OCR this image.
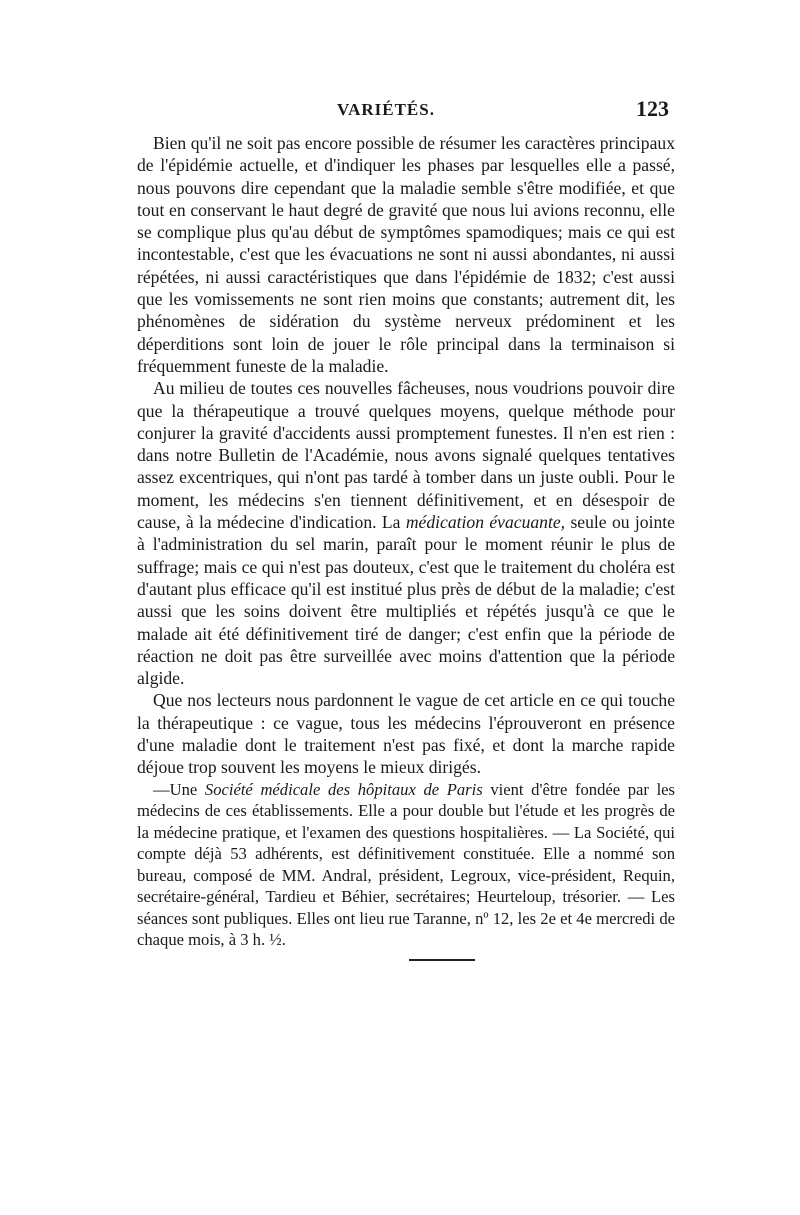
VARIÉTÉS.	123

Bien qu'il ne soit pas encore possible de résumer les caractères principaux de l'épidémie actuelle, et d'indiquer les phases par lesquelles elle a passé, nous pouvons dire cependant que la maladie semble s'être modifiée, et que tout en conservant le haut degré de gravité que nous lui avions reconnu, elle se complique plus qu'au début de symptômes spamodiques; mais ce qui est incontestable, c'est que les évacuations ne sont ni aussi abondantes, ni aussi répétées, ni aussi caractéristiques que dans l'épidémie de 1832; c'est aussi que les vomissements ne sont rien moins que constants; autrement dit, les phénomènes de sidération du système nerveux prédominent et les déperditions sont loin de jouer le rôle principal dans la terminaison si fréquemment funeste de la maladie.

Au milieu de toutes ces nouvelles fâcheuses, nous voudrions pouvoir dire que la thérapeutique a trouvé quelques moyens, quelque méthode pour conjurer la gravité d'accidents aussi promptement funestes. Il n'en est rien : dans notre Bulletin de l'Académie, nous avons signalé quelques tentatives assez excentriques, qui n'ont pas tardé à tomber dans un juste oubli. Pour le moment, les médecins s'en tiennent définitivement, et en désespoir de cause, à la médecine d'indication. La médication évacuante, seule ou jointe à l'administration du sel marin, paraît pour le moment réunir le plus de suffrage; mais ce qui n'est pas douteux, c'est que le traitement du choléra est d'autant plus efficace qu'il est institué plus près de début de la maladie; c'est aussi que les soins doivent être multipliés et répétés jusqu'à ce que le malade ait été définitivement tiré de danger; c'est enfin que la période de réaction ne doit pas être surveillée avec moins d'attention que la période algide.

Que nos lecteurs nous pardonnent le vague de cet article en ce qui touche la thérapeutique : ce vague, tous les médecins l'éprouveront en présence d'une maladie dont le traitement n'est pas fixé, et dont la marche rapide déjoue trop souvent les moyens le mieux dirigés.

—Une Société médicale des hôpitaux de Paris vient d'être fondée par les médecins de ces établissements. Elle a pour double but l'étude et les progrès de la médecine pratique, et l'examen des questions hospitalières. — La Société, qui compte déjà 53 adhérents, est définitivement constituée. Elle a nommé son bureau, composé de MM. Andral, président, Legroux, vice-président, Requin, secrétaire-général, Tardieu et Béhier, secrétaires; Heurteloup, trésorier. — Les séances sont publiques. Elles ont lieu rue Taranne, nº 12, les 2e et 4e mercredi de chaque mois, à 3 h. ½.
